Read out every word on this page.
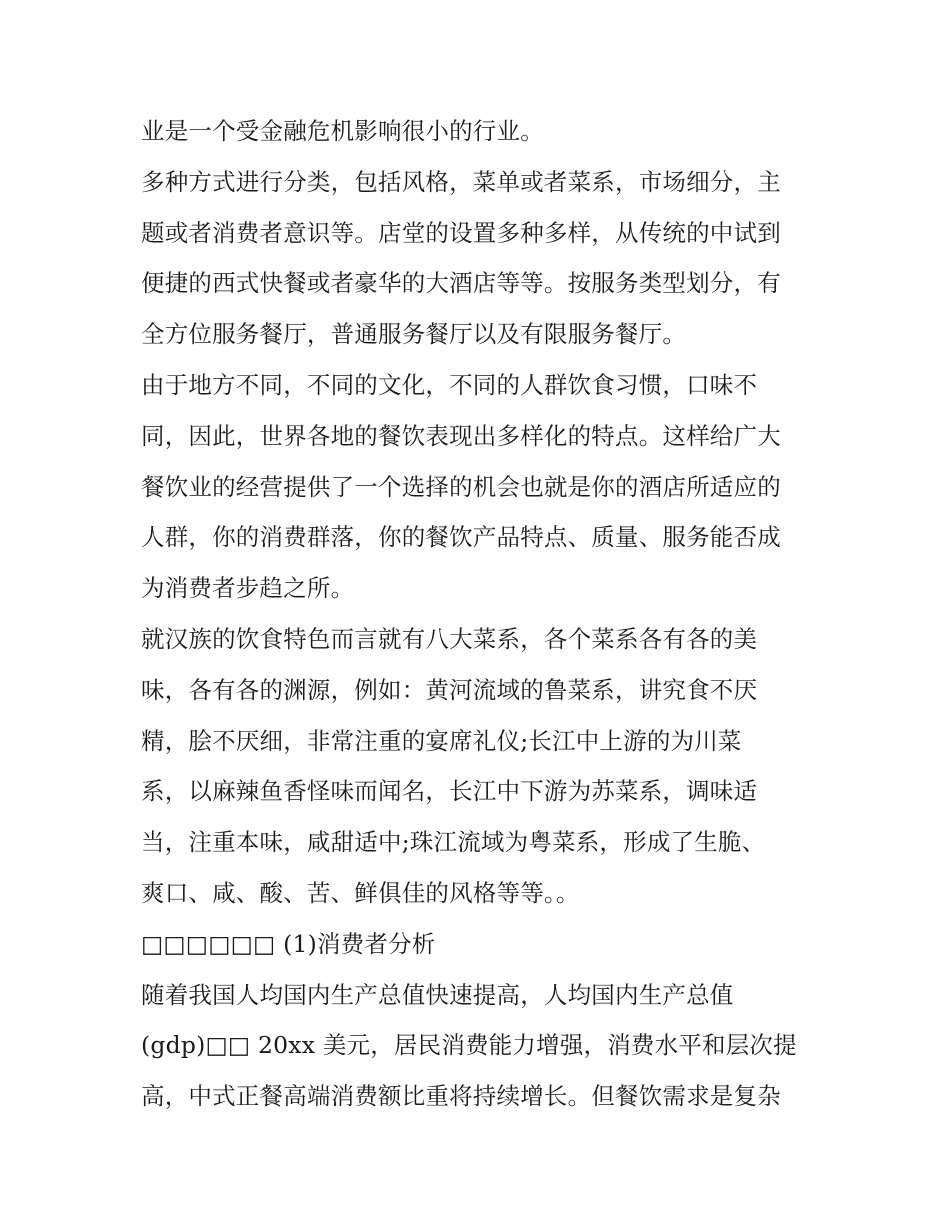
业是一个受金融危机影响很小的行业。
多种方式进行分类，包括风格，菜单或者菜系，市场细分，主
题或者消费者意识等。店堂的设置多种多样，从传统的中试到
便捷的西式快餐或者豪华的大酒店等等。按服务类型划分，有
全方位服务餐厅，普通服务餐厅以及有限服务餐厅。
由于地方不同，不同的文化，不同的人群饮食习惯，口味不
同，因此，世界各地的餐饮表现出多样化的特点。这样给广大
餐饮业的经营提供了一个选择的机会也就是你的酒店所适应的
人群，你的消费群落，你的餐饮产品特点、质量、服务能否成
为消费者步趋之所。
就汉族的饮食特色而言就有八大菜系，各个菜系各有各的美
味，各有各的渊源，例如：黄河流域的鲁菜系，讲究食不厌
精，脍不厌细，非常注重的宴席礼仪;长江中上游的为川菜
系，以麻辣鱼香怪味而闻名，长江中下游为苏菜系，调味适
当，注重本味，咸甜适中;珠江流域为粤菜系，形成了生脆、
爽口、咸、酸、苦、鲜俱佳的风格等等。。
□□□□□□ (1)消费者分析
随着我国人均国内生产总值快速提高，人均国内生产总值
(gdp)□□ 20xx 美元，居民消费能力增强，消费水平和层次提
高，中式正餐高端消费额比重将持续增长。但餐饮需求是复杂
